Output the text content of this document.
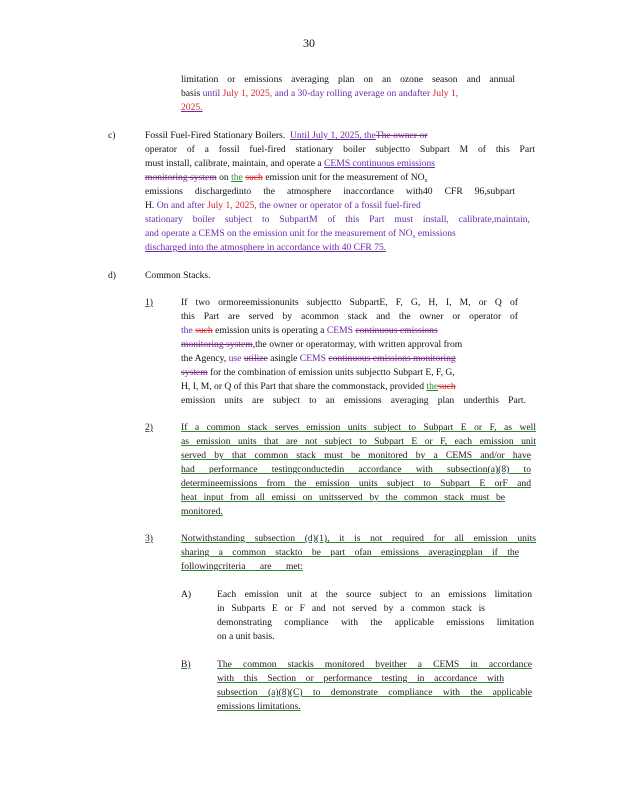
30
limitation or emissions averaging plan on an ozone season and annual
basis until July 1, 2025, and a 30-day rolling average on andafter July 1,
2025.
c)	Fossil Fuel-Fired Stationary Boilers. Until July 1, 2025, theThe owner or
operator of a fossil fuel-fired stationary boiler subjectto Subpart M of this Part
must install, calibrate, maintain, and operate a CEMS continuous emissions
monitoring system on the such emission unit for the measurement of $NO_x$
emissions dischargedinto the atmosphere inaccordance with40 CFR 96,subpart
H. On and after July 1, 2025, the owner or operator of a fossil fuel-fired
stationary boiler subject to SubpartM of this Part must install, calibrate,maintain,
and operate a CEMS on the emission unit for the measurement of $NO_x$ emissions
discharged into the atmosphere in accordance with 40 CFR 75.
d)	Common Stacks.
1)	If two ormoreemissionunits subjectto SubpartE, F, G, H, I, M, or Q of
this Part are served by acommon stack and the owner or operator of
the such emission units is operating a CEMS continuous emissions
monitoring system,the owner or operatormay, with written approval from
the Agency, use utilize asingle CEMS continuous emissions monitoring
system for the combination of emission units subjectto Subpart E, F, G,
H, I, M, or Q of this Part that share the commonstack, provided thesuch
emission units are subject to an emissions averaging plan underthis Part.
2)	If a common stack serves emission units subject to Subpart E or F, as well
as emission units that are not subject to Subpart E or F, each emission unit
served by that common stack must be monitored by a CEMS and/or have
had performance testingconductedin accordance with subsection(a)(8) to
determineemissions from the emission units subject to Subpart E orF and
heat input from all emissi on unitsserved by the common stack must be
monitored.
3)	Notwithstanding subsection (d)(1), it is not required for all emission units
sharing a common stackto be part ofan emissions averagingplan if the
followingcriteria are met:
A)	Each emission unit at the source subject to an emissions limitation
in Subparts E or F and not served by a common stack is
demonstrating compliance with the applicable emissions limitation
on a unit basis.
B)	The common stackis monitored byeither a CEMS in accordance
with this Section or performance testing in accordance with
subsection (a)(8)(C) to demonstrate compliance with the applicable
emissions limitations.
